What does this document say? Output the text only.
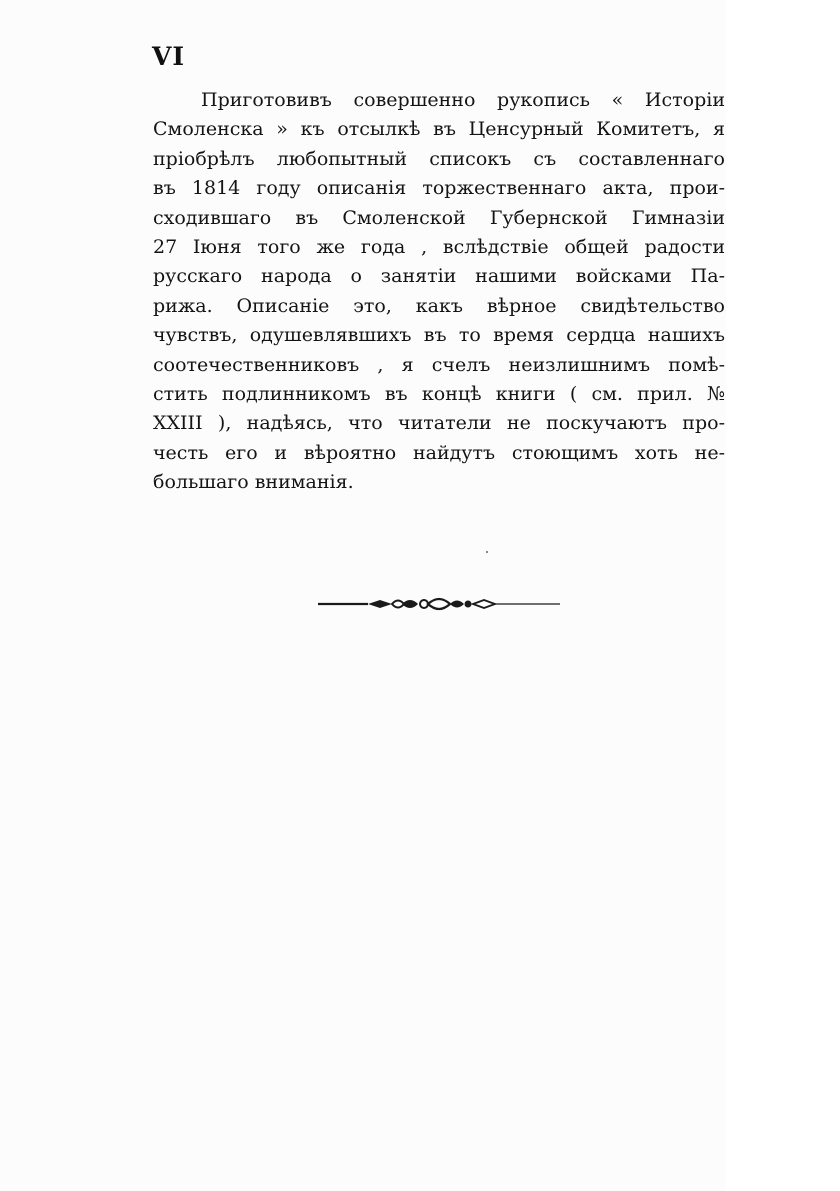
VI
Приготовивъ совершенно рукопись « Исторіи
Смоленска » къ отсылкѣ въ Ценсурный Комитетъ, я
пріобрѣлъ любопытный списокъ съ составленнаго
въ 1814 году описанія торжественнаго акта, прои-
сходившаго въ Смоленской Губернской Гимназіи
27 Іюня того же года , вслѣдствіе общей радости
русскаго народа о занятіи нашими войсками Па-
рижа. Описаніе это, какъ вѣрное свидѣтельство
чувствъ, одушевлявшихъ въ то время сердца нашихъ
соотечественниковъ , я счелъ неизлишнимъ помѣ-
стить подлинникомъ въ концѣ книги ( см. прил. №
XXIII ), надѣясь, что читатели не поскучаютъ про-
честь его и вѣроятно найдутъ стоющимъ хоть не-
большаго вниманія.
